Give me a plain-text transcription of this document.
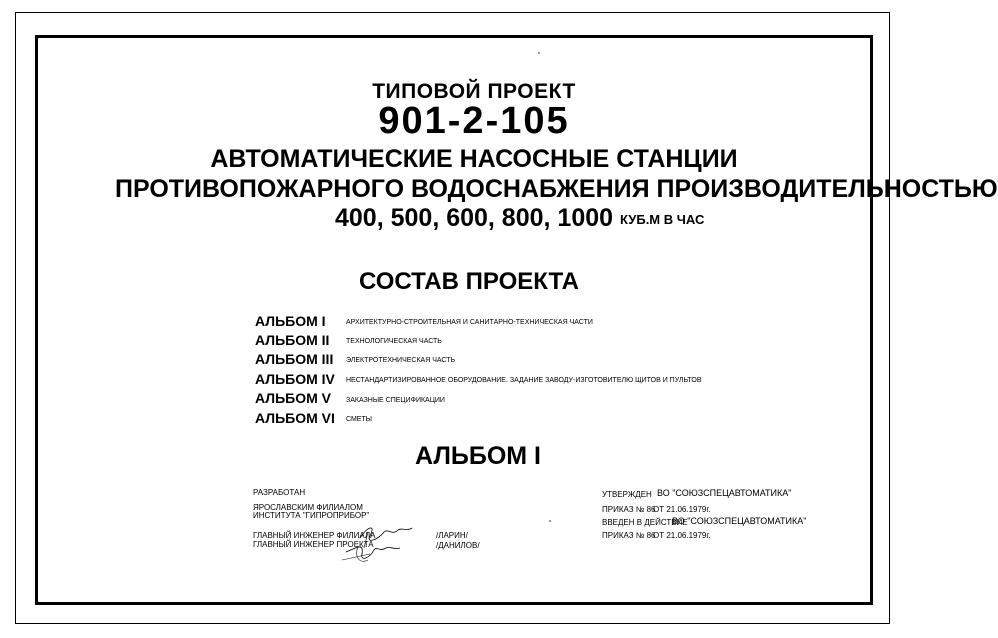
ТИПОВОЙ ПРОЕКТ
901-2-105
АВТОМАТИЧЕСКИЕ НАСОСНЫЕ СТАНЦИИ
ПРОТИВОПОЖАРНОГО ВОДОСНАБЖЕНИЯ ПРОИЗВОДИТЕЛЬНОСТЬЮ
400, 500, 600, 800, 1000 КУБ.М В ЧАС
СОСТАВ ПРОЕКТА
АЛЬБОМ I	АРХИТЕКТУРНО-СТРОИТЕЛЬНАЯ И САНИТАРНО-ТЕХНИЧЕСКАЯ ЧАСТИ
АЛЬБОМ II ТЕХНОЛОГИЧЕСКАЯ ЧАСТЬ
АЛЬБОМ III ЭЛЕКТРОТЕХНИЧЕСКАЯ ЧАСТЬ
АЛЬБОМ IV НЕСТАНДАРТИЗИРОВАННОЕ ОБОРУДОВАНИЕ. ЗАДАНИЕ ЗАВОДУ-ИЗГОТОВИТЕЛЮ ЩИТОВ И ПУЛЬТОВ
АЛЬБОМ V ЗАКАЗНЫЕ СПЕЦИФИКАЦИИ
АЛЬБОМ VI СМЕТЫ
АЛЬБОМ I
РАЗРАБОТАН
ЯРОСЛАВСКИМ ФИЛИАЛОМ
ИНСТИТУТА "ГИПРОПРИБОР"
ГЛАВНЫЙ ИНЖЕНЕР ФИЛИАЛА
ГЛАВНЫЙ ИНЖЕНЕР ПРОЕКТА
/ЛАРИН/
/ДАНИЛОВ/
УТВЕРЖДЕН ВО "СОЮЗСПЕЦАВТОМАТИКА"
ПРИКАЗ № 86
ОТ 21.06.1979г.
ВВЕДЕН В ДЕЙСТВИЕ
ВО "СОЮЗСПЕЦАВТОМАТИКА"
ПРИКАЗ № 86
ОТ 21.06.1979г.
